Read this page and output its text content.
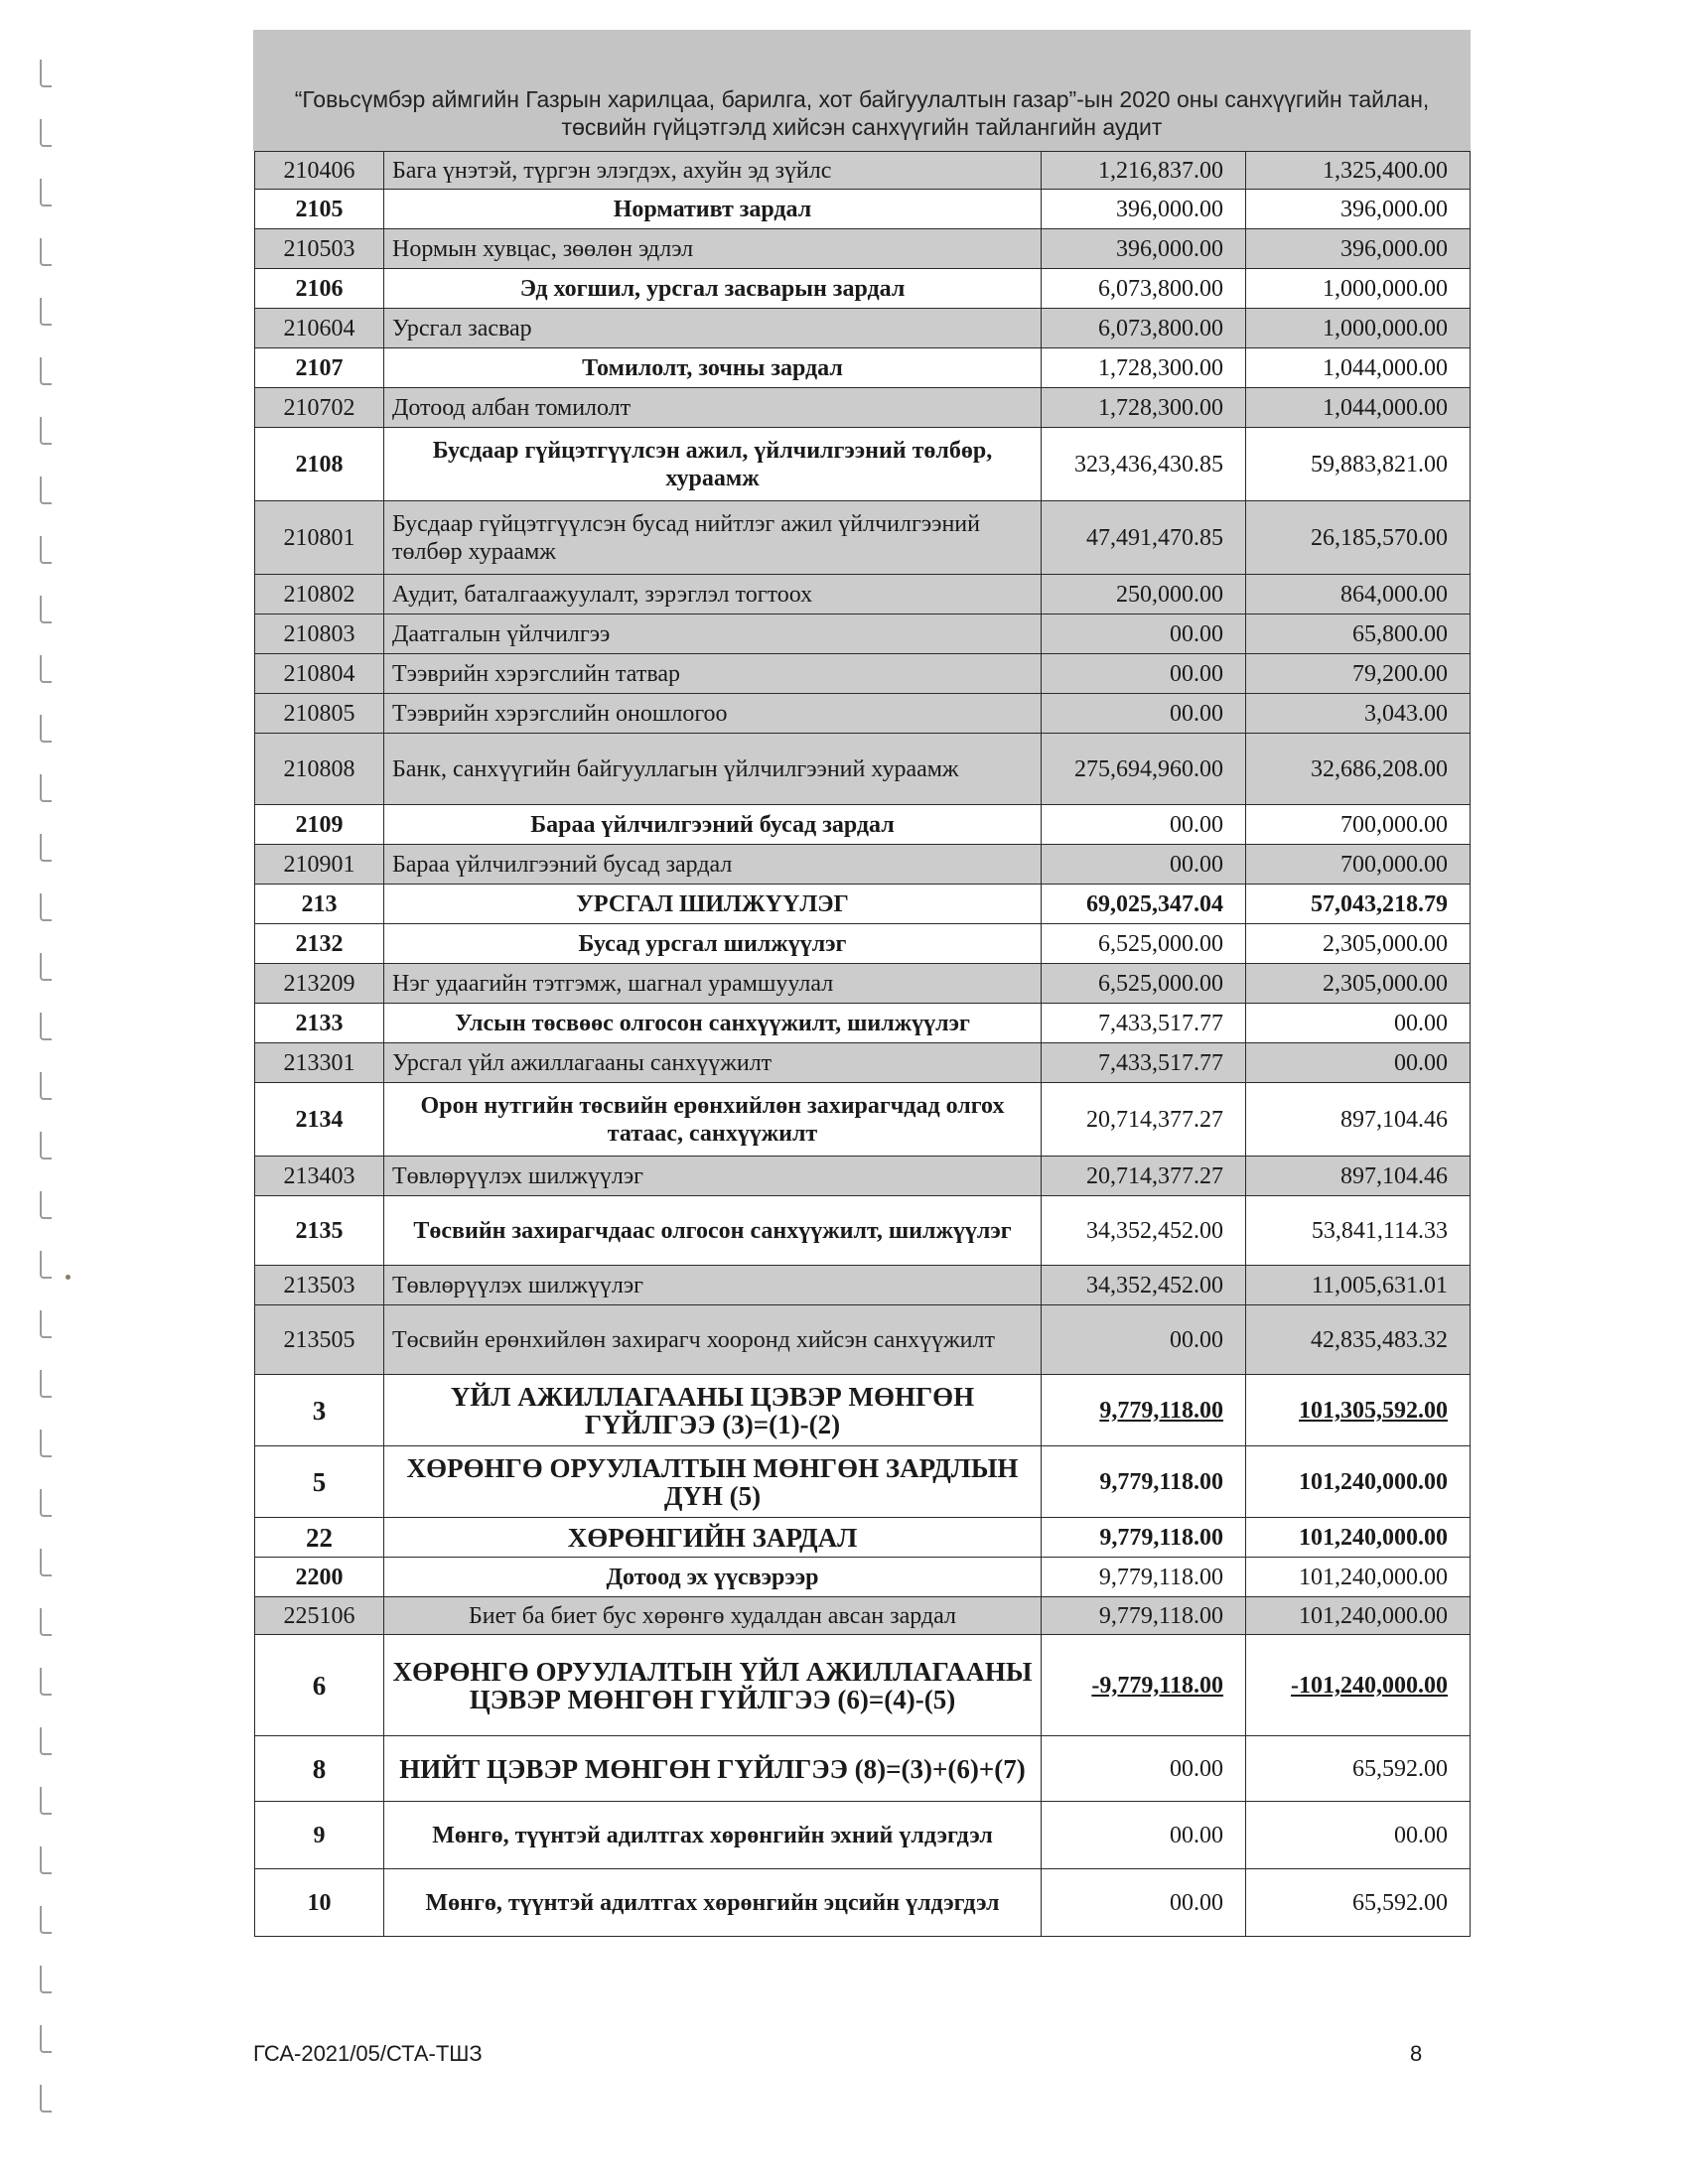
“Говьсүмбэр аймгийн Газрын харилцаа, барилга, хот байгуулалтын газар”-ын 2020 оны санхүүгийн тайлан, төсвийн гүйцэтгэлд хийсэн санхүүгийн тайлангийн аудит

210406	Бага үнэтэй, түргэн элэгдэх, ахуйн эд зүйлс	1,216,837.00	1,325,400.00
2105	Нормативт зардал	396,000.00	396,000.00
210503	Нормын хувцас, зөөлөн эдлэл	396,000.00	396,000.00
2106	Эд хогшил, урсгал засварын зардал	6,073,800.00	1,000,000.00
210604	Урсгал засвар	6,073,800.00	1,000,000.00
2107	Томилолт, зочны зардал	1,728,300.00	1,044,000.00
210702	Дотоод албан томилолт	1,728,300.00	1,044,000.00
2108	Бусдаар гүйцэтгүүлсэн ажил, үйлчилгээний төлбөр, хураамж	323,436,430.85	59,883,821.00
210801	Бусдаар гүйцэтгүүлсэн бусад нийтлэг ажил үйлчилгээний төлбөр хураамж	47,491,470.85	26,185,570.00
210802	Аудит, баталгаажуулалт, зэрэглэл тогтоох	250,000.00	864,000.00
210803	Даатгалын үйлчилгээ	00.00	65,800.00
210804	Тээврийн хэрэгслийн татвар	00.00	79,200.00
210805	Тээврийн хэрэгслийн оношлогоо	00.00	3,043.00
210808	Банк, санхүүгийн байгууллагын үйлчилгээний хураамж	275,694,960.00	32,686,208.00
2109	Бараа үйлчилгээний бусад зардал	00.00	700,000.00
210901	Бараа үйлчилгээний бусад зардал	00.00	700,000.00
213	УРСГАЛ ШИЛЖҮҮЛЭГ	69,025,347.04	57,043,218.79
2132	Бусад урсгал шилжүүлэг	6,525,000.00	2,305,000.00
213209	Нэг удаагийн тэтгэмж, шагнал урамшуулал	6,525,000.00	2,305,000.00
2133	Улсын төсвөөс олгосон санхүүжилт, шилжүүлэг	7,433,517.77	00.00
213301	Урсгал үйл ажиллагааны санхүүжилт	7,433,517.77	00.00
2134	Орон нутгийн төсвийн ерөнхийлөн захирагчдад олгох татаас, санхүүжилт	20,714,377.27	897,104.46
213403	Төвлөрүүлэх шилжүүлэг	20,714,377.27	897,104.46
2135	Төсвийн захирагчдаас олгосон санхүүжилт, шилжүүлэг	34,352,452.00	53,841,114.33
213503	Төвлөрүүлэх шилжүүлэг	34,352,452.00	11,005,631.01
213505	Төсвийн ерөнхийлөн захирагч хооронд хийсэн санхүүжилт	00.00	42,835,483.32
3	ҮЙЛ АЖИЛЛАГААНЫ ЦЭВЭР МӨНГӨН ГҮЙЛГЭЭ (3)=(1)-(2)	9,779,118.00	101,305,592.00
5	ХӨРӨНГӨ ОРУУЛАЛТЫН МӨНГӨН ЗАРДЛЫН ДҮН (5)	9,779,118.00	101,240,000.00
22	ХӨРӨНГИЙН ЗАРДАЛ	9,779,118.00	101,240,000.00
2200	Дотоод эх үүсвэрээр	9,779,118.00	101,240,000.00
225106	Биет ба биет бус хөрөнгө худалдан авсан зардал	9,779,118.00	101,240,000.00
6	ХӨРӨНГӨ ОРУУЛАЛТЫН ҮЙЛ АЖИЛЛАГААНЫ ЦЭВЭР МӨНГӨН ГҮЙЛГЭЭ (6)=(4)-(5)	-9,779,118.00	-101,240,000.00
8	НИЙТ ЦЭВЭР МӨНГӨН ГҮЙЛГЭЭ (8)=(3)+(6)+(7)	00.00	65,592.00
9	Мөнгө, түүнтэй адилтгах хөрөнгийн эхний үлдэгдэл	00.00	00.00
10	Мөнгө, түүнтэй адилтгах хөрөнгийн эцсийн үлдэгдэл	00.00	65,592.00
ГСА-2021/05/СТА-ТШЗ	8
